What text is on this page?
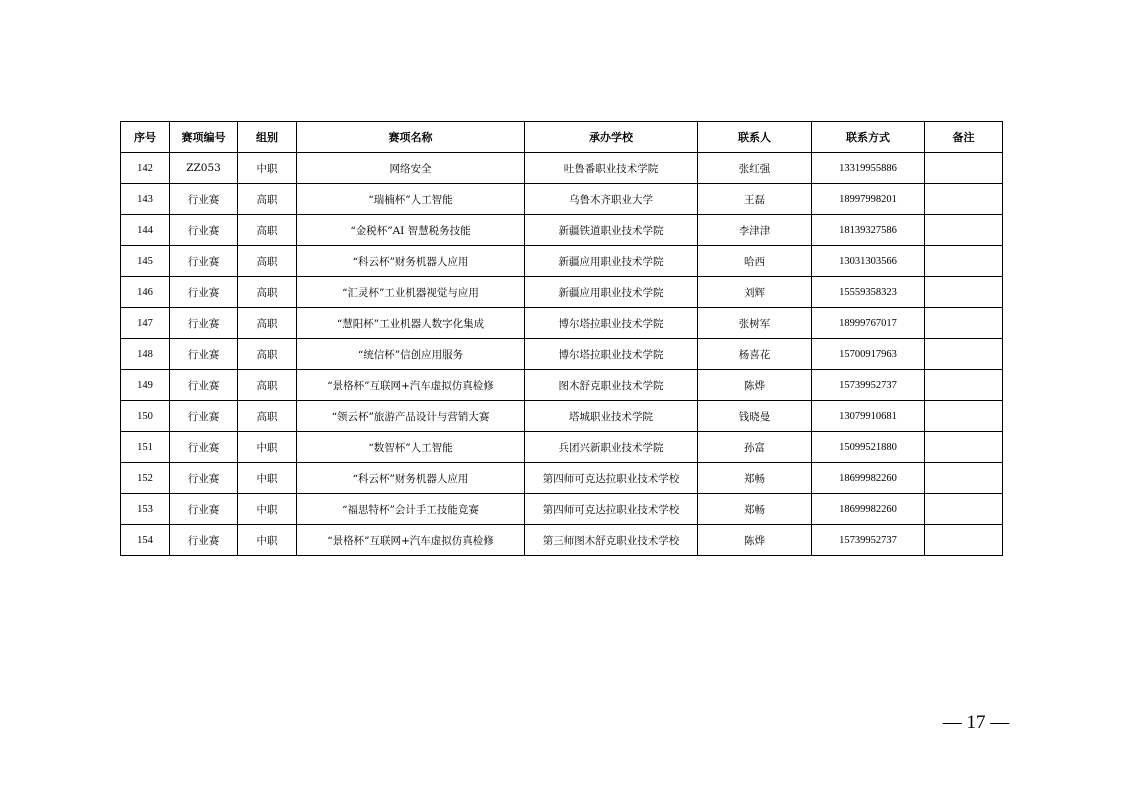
序号	赛项编号	组别	赛项名称	承办学校	联系人	联系方式	备注
142	ZZ053	中职	网络安全	吐鲁番职业技术学院	张红强	13319955886	
143	行业赛	高职	“瑞楠杯”人工智能	乌鲁木齐职业大学	王磊	18997998201	
144	行业赛	高职	“金税杯”AI 智慧税务技能	新疆铁道职业技术学院	李津津	18139327586	
145	行业赛	高职	“科云杯”财务机器人应用	新疆应用职业技术学院	哈西	13031303566	
146	行业赛	高职	“汇灵杯”工业机器视觉与应用	新疆应用职业技术学院	刘辉	15559358323	
147	行业赛	高职	“慧阳杯”工业机器人数字化集成	博尔塔拉职业技术学院	张树军	18999767017	
148	行业赛	高职	“统信杯”信创应用服务	博尔塔拉职业技术学院	杨喜花	15700917963	
149	行业赛	高职	“景格杯”互联网+汽车虚拟仿真检修	图木舒克职业技术学院	陈烨	15739952737	
150	行业赛	高职	“领云杯”旅游产品设计与营销大赛	塔城职业技术学院	钱晓曼	13079910681	
151	行业赛	中职	“数智杯”人工智能	兵团兴新职业技术学院	孙富	15099521880	
152	行业赛	中职	“科云杯”财务机器人应用	第四师可克达拉职业技术学校	郑畅	18699982260	
153	行业赛	中职	“福思特杯”会计手工技能竞赛	第四师可克达拉职业技术学校	郑畅	18699982260	
154	行业赛	中职	“景格杯”互联网+汽车虚拟仿真检修	第三师图木舒克职业技术学校	陈烨	15739952737	
— 17 —
